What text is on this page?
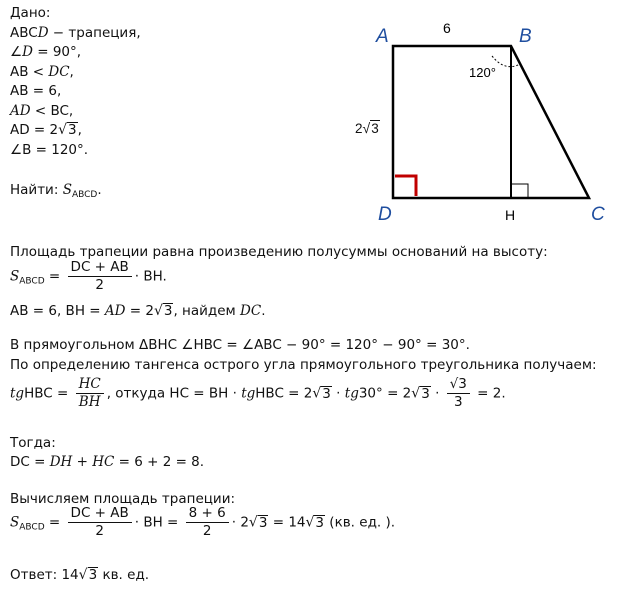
Дано:
ABCD − трапеция,
∠D = 90°,
AB < DC,
AB = 6,
AD < BC,
AD = 2√3,
∠B = 120°.
Найти: $S_{ABCD}$.
A	B
C
D	H
6
120°
2√3
Площадь трапеции равна произведению полусуммы оснований на высоту:
$S_{ABCD} = \frac{DC + AB}{2}$ · BH.
AB = 6, BH = AD = 2√3, найдем DC.
В прямоугольном ΔBHC ∠HBC = ∠ABC − 90° = 120° − 90° = 30°.
По определению тангенса острого угла прямоугольного треугольника получаем:
tgHBC = $\frac{HC}{BH}$ , откуда HC = BH · tgHBC = $2√3 \cdot tg30^\circ = 2√3 \cdot \frac{√3}{3} = 2$.
Тогда:
DC = DH + HC = 6 + 2 = 8.
Вычисляем площадь трапеции:
$S_{ABCD} = \frac{DC + AB}{2}$ · BH = $\frac{8 + 6}{2} \cdot 2√3 = 14√3$ (кв. ед. ).
Ответ: 14√3 кв. ед.
